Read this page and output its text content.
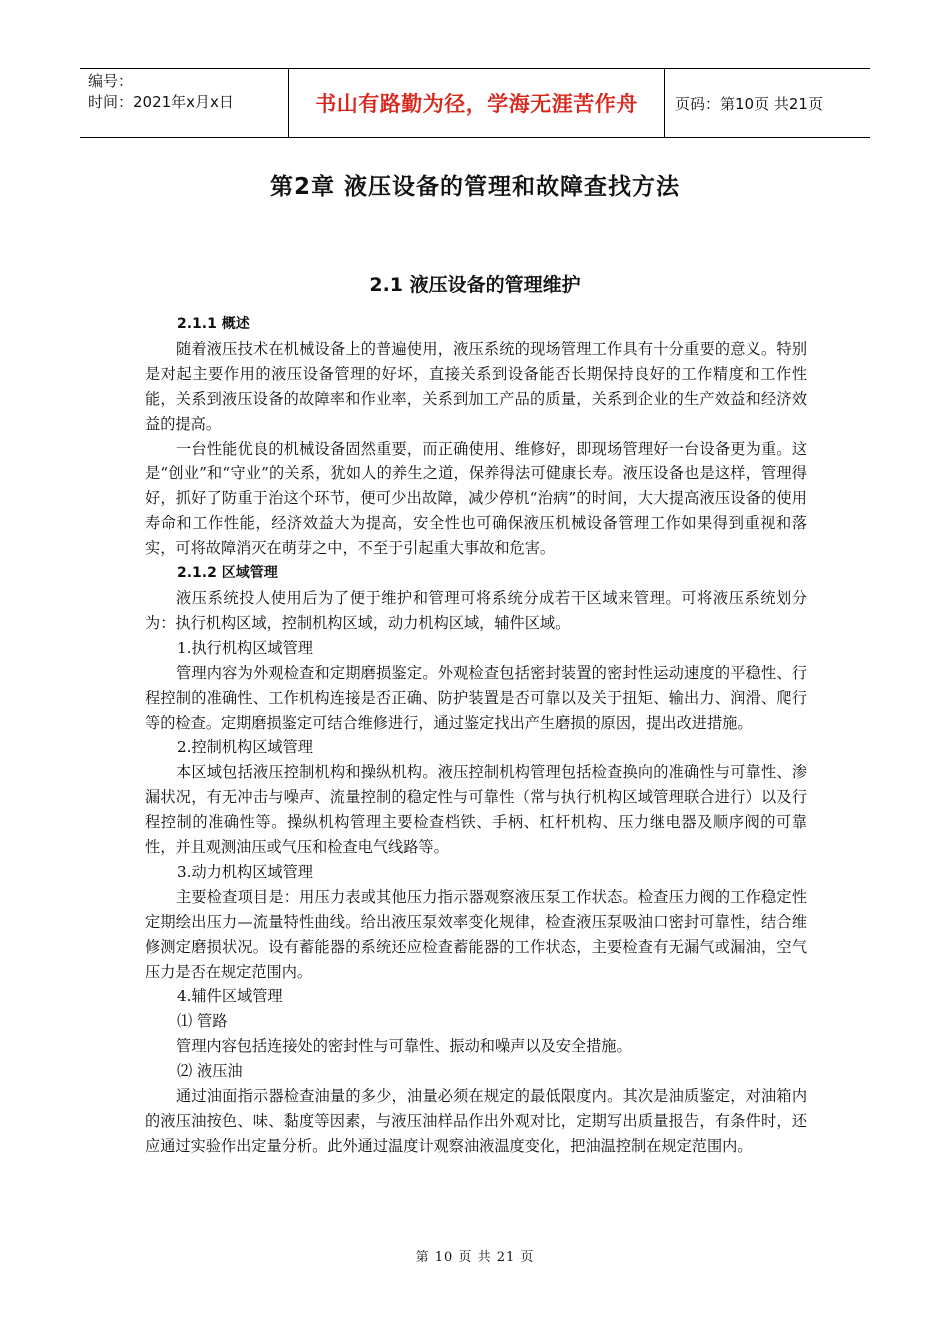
编号：
时间：2021年x月x日	书山有路勤为径，学海无涯苦作舟 页码：第10页 共21页
第2章 液压设备的管理和故障查找方法
2.1 液压设备的管理维护

2.1.1 概述

随着液压技术在机械设备上的普遍使用，液压系统的现场管理工作具有十分重要的意义。特别是对起主要作用的液压设备管理的好坏，直接关系到设备能否长期保持良好的工作精度和工作性能，关系到液压设备的故障率和作业率，关系到加工产品的质量，关系到企业的生产效益和经济效益的提高。

一台性能优良的机械设备固然重要，而正确使用、维修好，即现场管理好一台设备更为重。这是“创业”和“守业”的关系，犹如人的养生之道，保养得法可健康长寿。液压设备也是这样，管理得好，抓好了防重于治这个环节，便可少出故障，减少停机“治病”的时间，大大提高液压设备的使用寿命和工作性能，经济效益大为提高，安全性也可确保液压机械设备管理工作如果得到重视和落实，可将故障消灭在萌芽之中，不至于引起重大事故和危害。

2.1.2 区域管理

液压系统投人使用后为了便于维护和管理可将系统分成若干区域来管理。可将液压系统划分为：执行机构区域，控制机构区域，动力机构区域，辅件区域。

1.执行机构区域管理

管理内容为外观检查和定期磨损鉴定。外观检查包括密封装置的密封性运动速度的平稳性、行程控制的准确性、工作机构连接是否正确、防护装置是否可靠以及关于扭矩、输出力、润滑、爬行等的检查。定期磨损鉴定可结合维修进行，通过鉴定找出产生磨损的原因，提出改进措施。

2.控制机构区域管理

本区域包括液压控制机构和操纵机构。液压控制机构管理包括检查换向的准确性与可靠性、渗漏状况，有无冲击与噪声、流量控制的稳定性与可靠性（常与执行机构区域管理联合进行）以及行程控制的准确性等。操纵机构管理主要检查档铁、手柄、杠杆机构、压力继电器及顺序阀的可靠性，并且观测油压或气压和检查电气线路等。

3.动力机构区域管理

主要检查项目是：用压力表或其他压力指示器观察液压泵工作状态。检查压力阀的工作稳定性定期绘出压力—流量特性曲线。给出液压泵效率变化规律，检查液压泵吸油口密封可靠性，结合维修测定磨损状况。设有蓄能器的系统还应检查蓄能器的工作状态，主要检查有无漏气或漏油，空气压力是否在规定范围内。

4.辅件区域管理

⑴ 管路

管理内容包括连接处的密封性与可靠性、振动和噪声以及安全措施。

⑵ 液压油

通过油面指示器检查油量的多少，油量必须在规定的最低限度内。其次是油质鉴定，对油箱内的液压油按色、味、黏度等因素，与液压油样品作出外观对比，定期写出质量报告，有条件时，还应通过实验作出定量分析。此外通过温度计观察油液温度变化，把油温控制在规定范围内。

第 10 页 共 21 页
